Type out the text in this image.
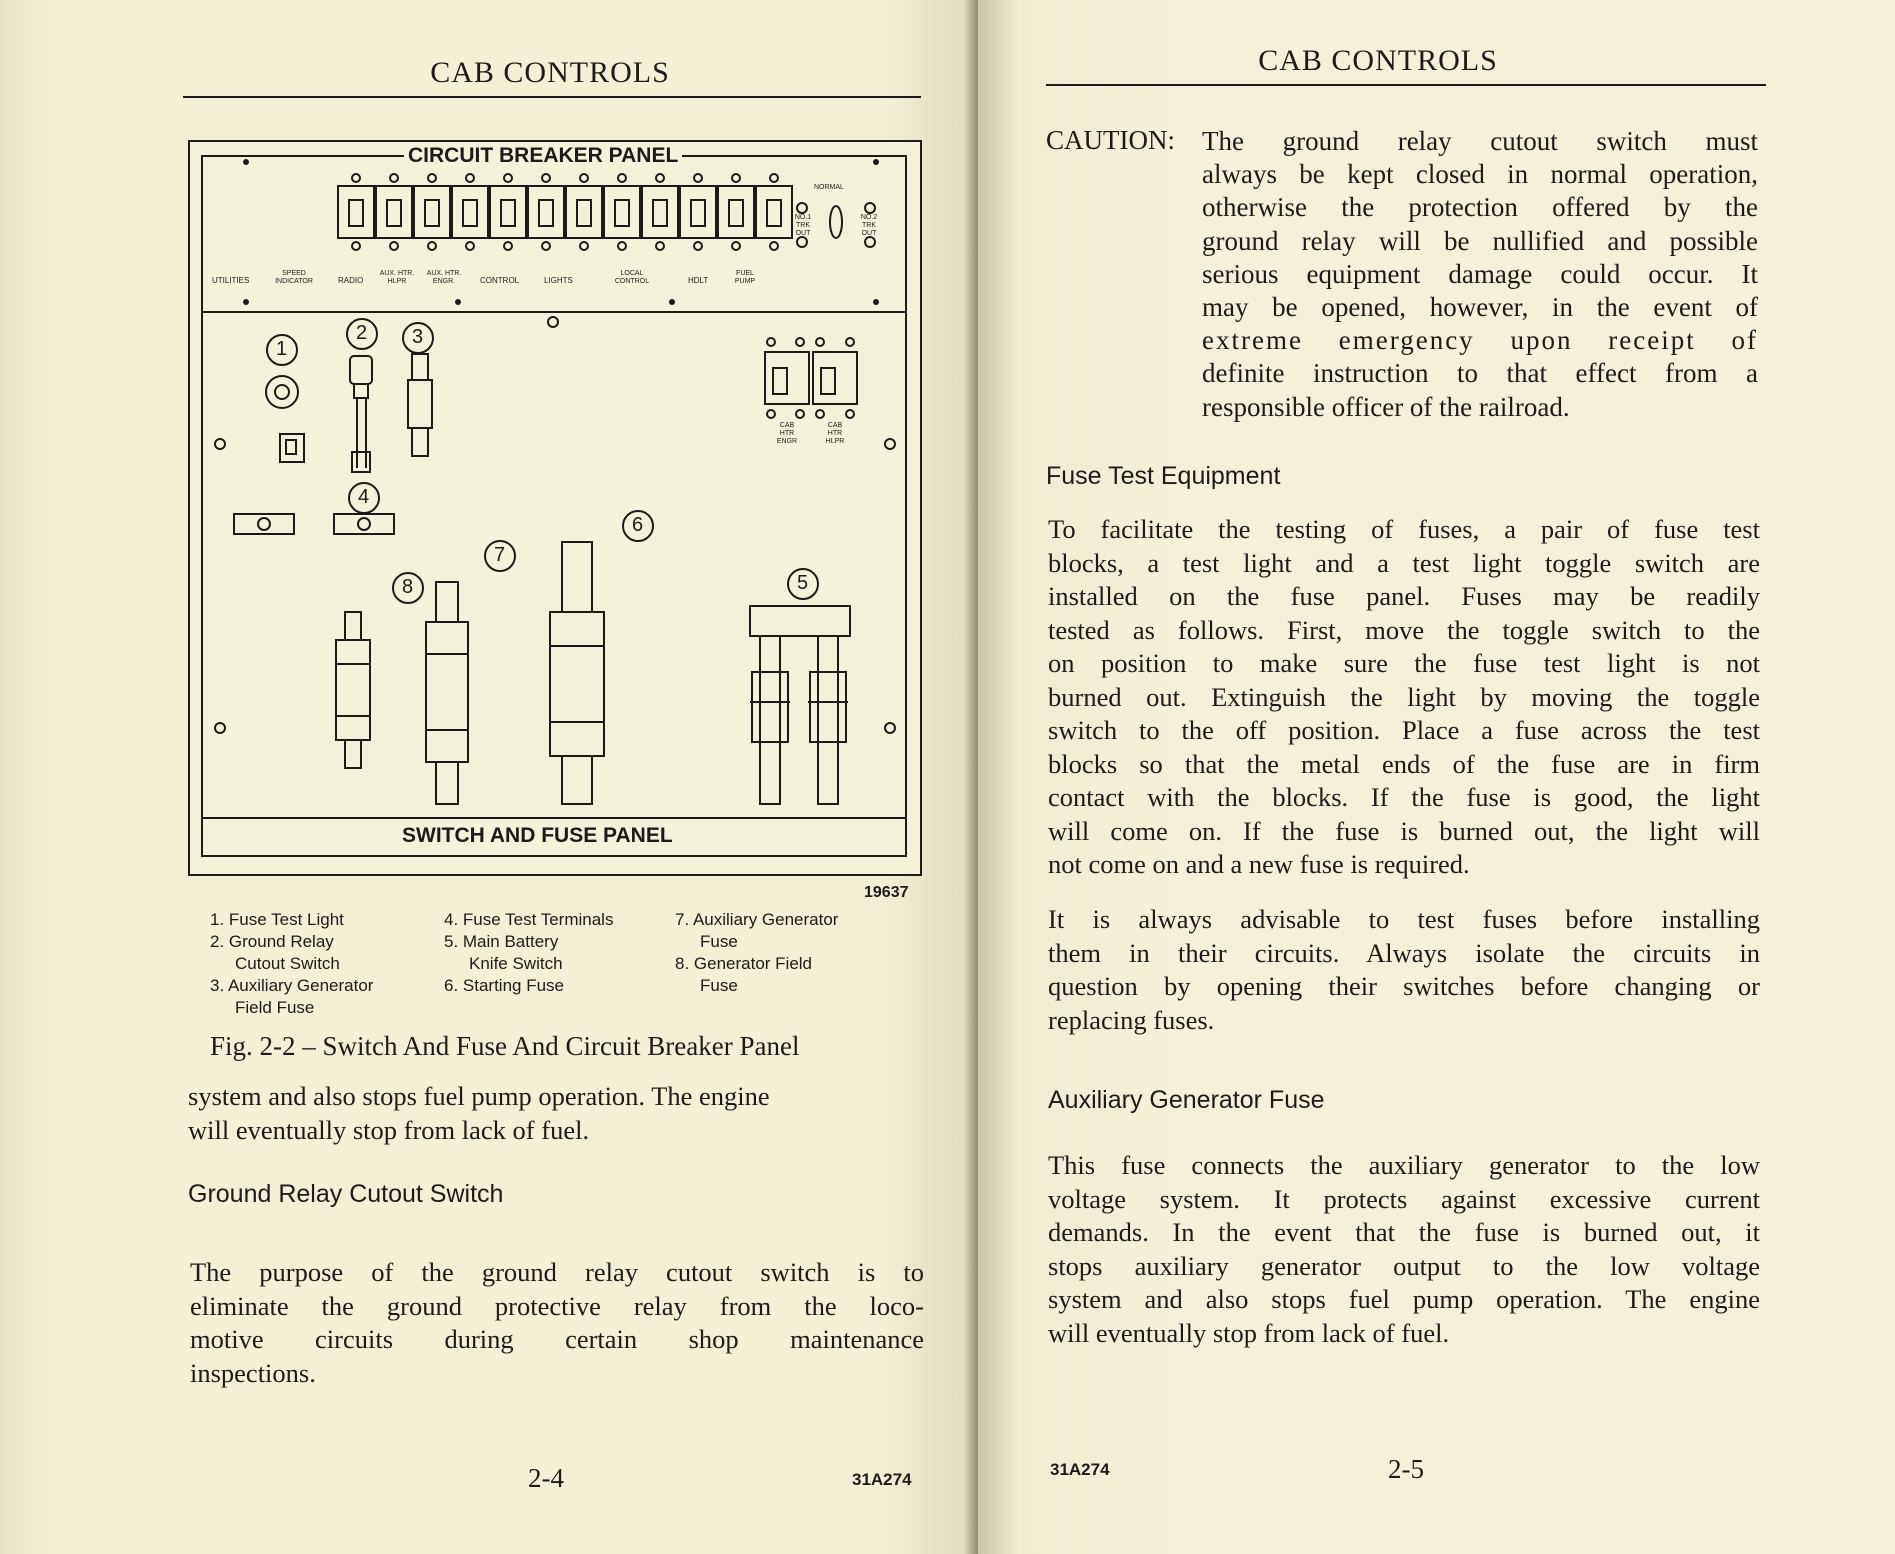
CAB CONTROLS
CIRCUIT BREAKER PANEL
SWITCH AND FUSE PANEL
UTILITIES
SPEED INDICATOR	RADIO
AUX. HTR. HLPR
AUX. HTR. ENGR.	CONTROL	LIGHTS
LOCAL CONTROL	HDLT
FUEL PUMP
NORMAL
NO.1 TRK OUT
NO.2 TRK OUT
CAB HTR ENGR
CAB HTR HLPR
1
2 3
4
5
6
7
8
19637
1. Fuse Test Light
2. Ground Relay
Cutout Switch
3. Auxiliary Generator
Field Fuse
4. Fuse Test Terminals
5. Main Battery
Knife Switch
6. Starting Fuse
7. Auxiliary Generator
Fuse
8. Generator Field
Fuse
Fig. 2-2 – Switch And Fuse And Circuit Breaker Panel
system and also stops fuel pump operation. The engine
will eventually stop from lack of fuel.
Ground Relay Cutout Switch
The purpose of the ground relay cutout switch is to
eliminate the ground protective relay from the loco-
motive circuits during certain shop maintenance
inspections.
2-4	31A274
CAB CONTROLS
CAUTION: The ground relay cutout switch must
always be kept closed in normal operation,
otherwise the protection offered by the
ground relay will be nullified and possible
serious equipment damage could occur. It
may be opened, however, in the event of
extreme emergency upon receipt of
definite instruction to that effect from a
responsible officer of the railroad.
Fuse Test Equipment
To facilitate the testing of fuses, a pair of fuse test
blocks, a test light and a test light toggle switch are
installed on the fuse panel. Fuses may be readily
tested as follows. First, move the toggle switch to the
on position to make sure the fuse test light is not
burned out. Extinguish the light by moving the toggle
switch to the off position. Place a fuse across the test
blocks so that the metal ends of the fuse are in firm
contact with the blocks. If the fuse is good, the light
will come on. If the fuse is burned out, the light will
not come on and a new fuse is required.
It is always advisable to test fuses before installing
them in their circuits. Always isolate the circuits in
question by opening their switches before changing or
replacing fuses.
Auxiliary Generator Fuse
This fuse connects the auxiliary generator to the low
voltage system. It protects against excessive current
demands. In the event that the fuse is burned out, it
stops auxiliary generator output to the low voltage
system and also stops fuel pump operation. The engine
will eventually stop from lack of fuel.
31A274	2-5
